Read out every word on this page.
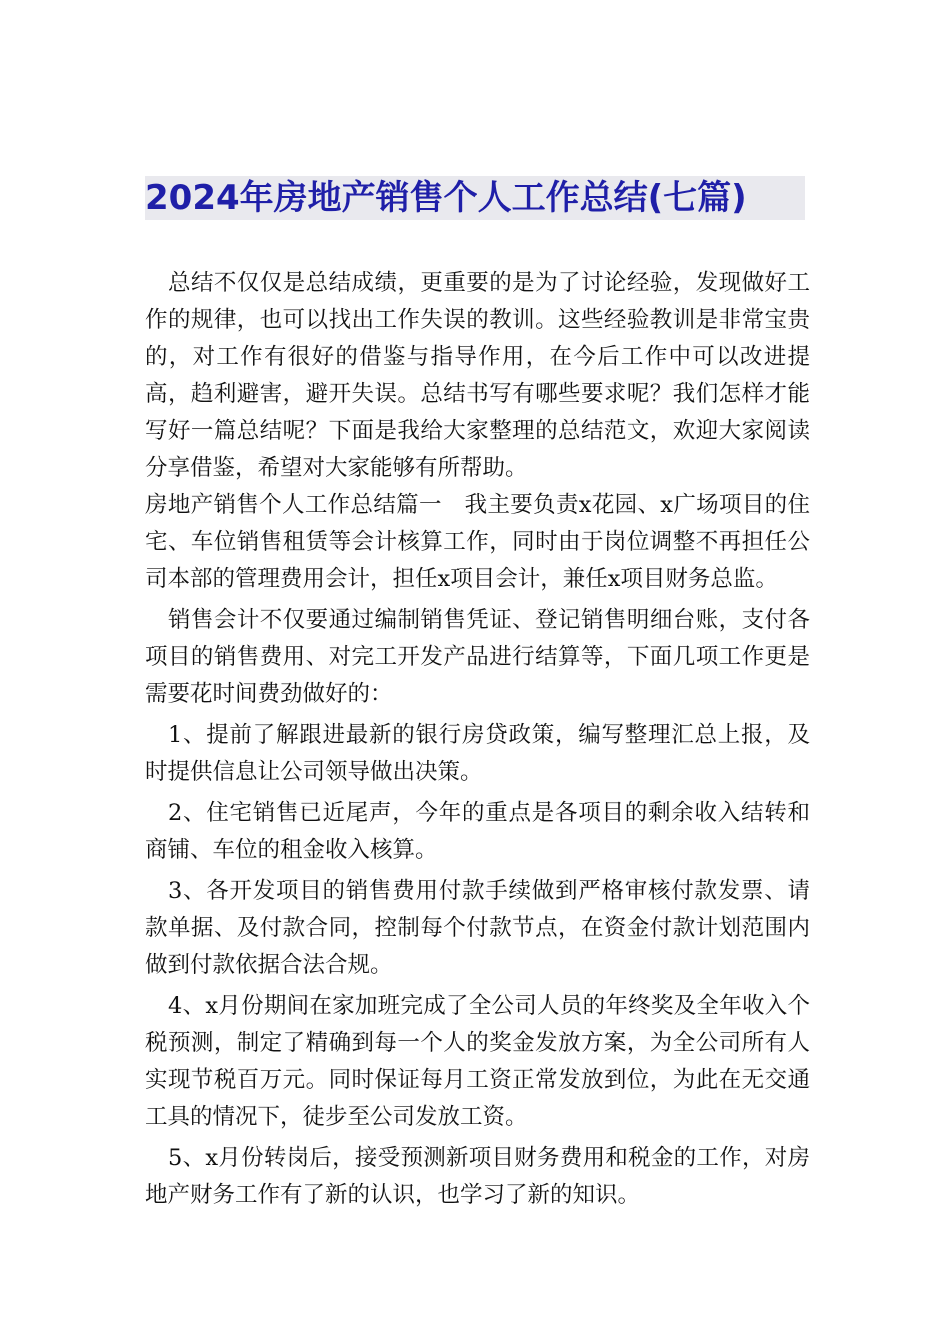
2024年房地产销售个人工作总结(七篇)

总结不仅仅是总结成绩，更重要的是为了讨论经验，发现做好工作的规律，也可以找出工作失误的教训。这些经验教训是非常宝贵的，对工作有很好的借鉴与指导作用，在今后工作中可以改进提高，趋利避害，避开失误。总结书写有哪些要求呢？我们怎样才能写好一篇总结呢？下面是我给大家整理的总结范文，欢迎大家阅读分享借鉴，希望对大家能够有所帮助。

房地产销售个人工作总结篇一　我主要负责x花园、x广场项目的住宅、车位销售租赁等会计核算工作，同时由于岗位调整不再担任公司本部的管理费用会计，担任x项目会计，兼任x项目财务总监。

销售会计不仅要通过编制销售凭证、登记销售明细台账，支付各项目的销售费用、对完工开发产品进行结算等，下面几项工作更是需要花时间费劲做好的：

1、提前了解跟进最新的银行房贷政策，编写整理汇总上报，及时提供信息让公司领导做出决策。

2、住宅销售已近尾声，今年的重点是各项目的剩余收入结转和商铺、车位的租金收入核算。

3、各开发项目的销售费用付款手续做到严格审核付款发票、请款单据、及付款合同，控制每个付款节点，在资金付款计划范围内做到付款依据合法合规。

4、x月份期间在家加班完成了全公司人员的年终奖及全年收入个税预测，制定了精确到每一个人的奖金发放方案，为全公司所有人实现节税百万元。同时保证每月工资正常发放到位，为此在无交通工具的情况下，徒步至公司发放工资。

5、x月份转岗后，接受预测新项目财务费用和税金的工作，对房地产财务工作有了新的认识，也学习了新的知识。
